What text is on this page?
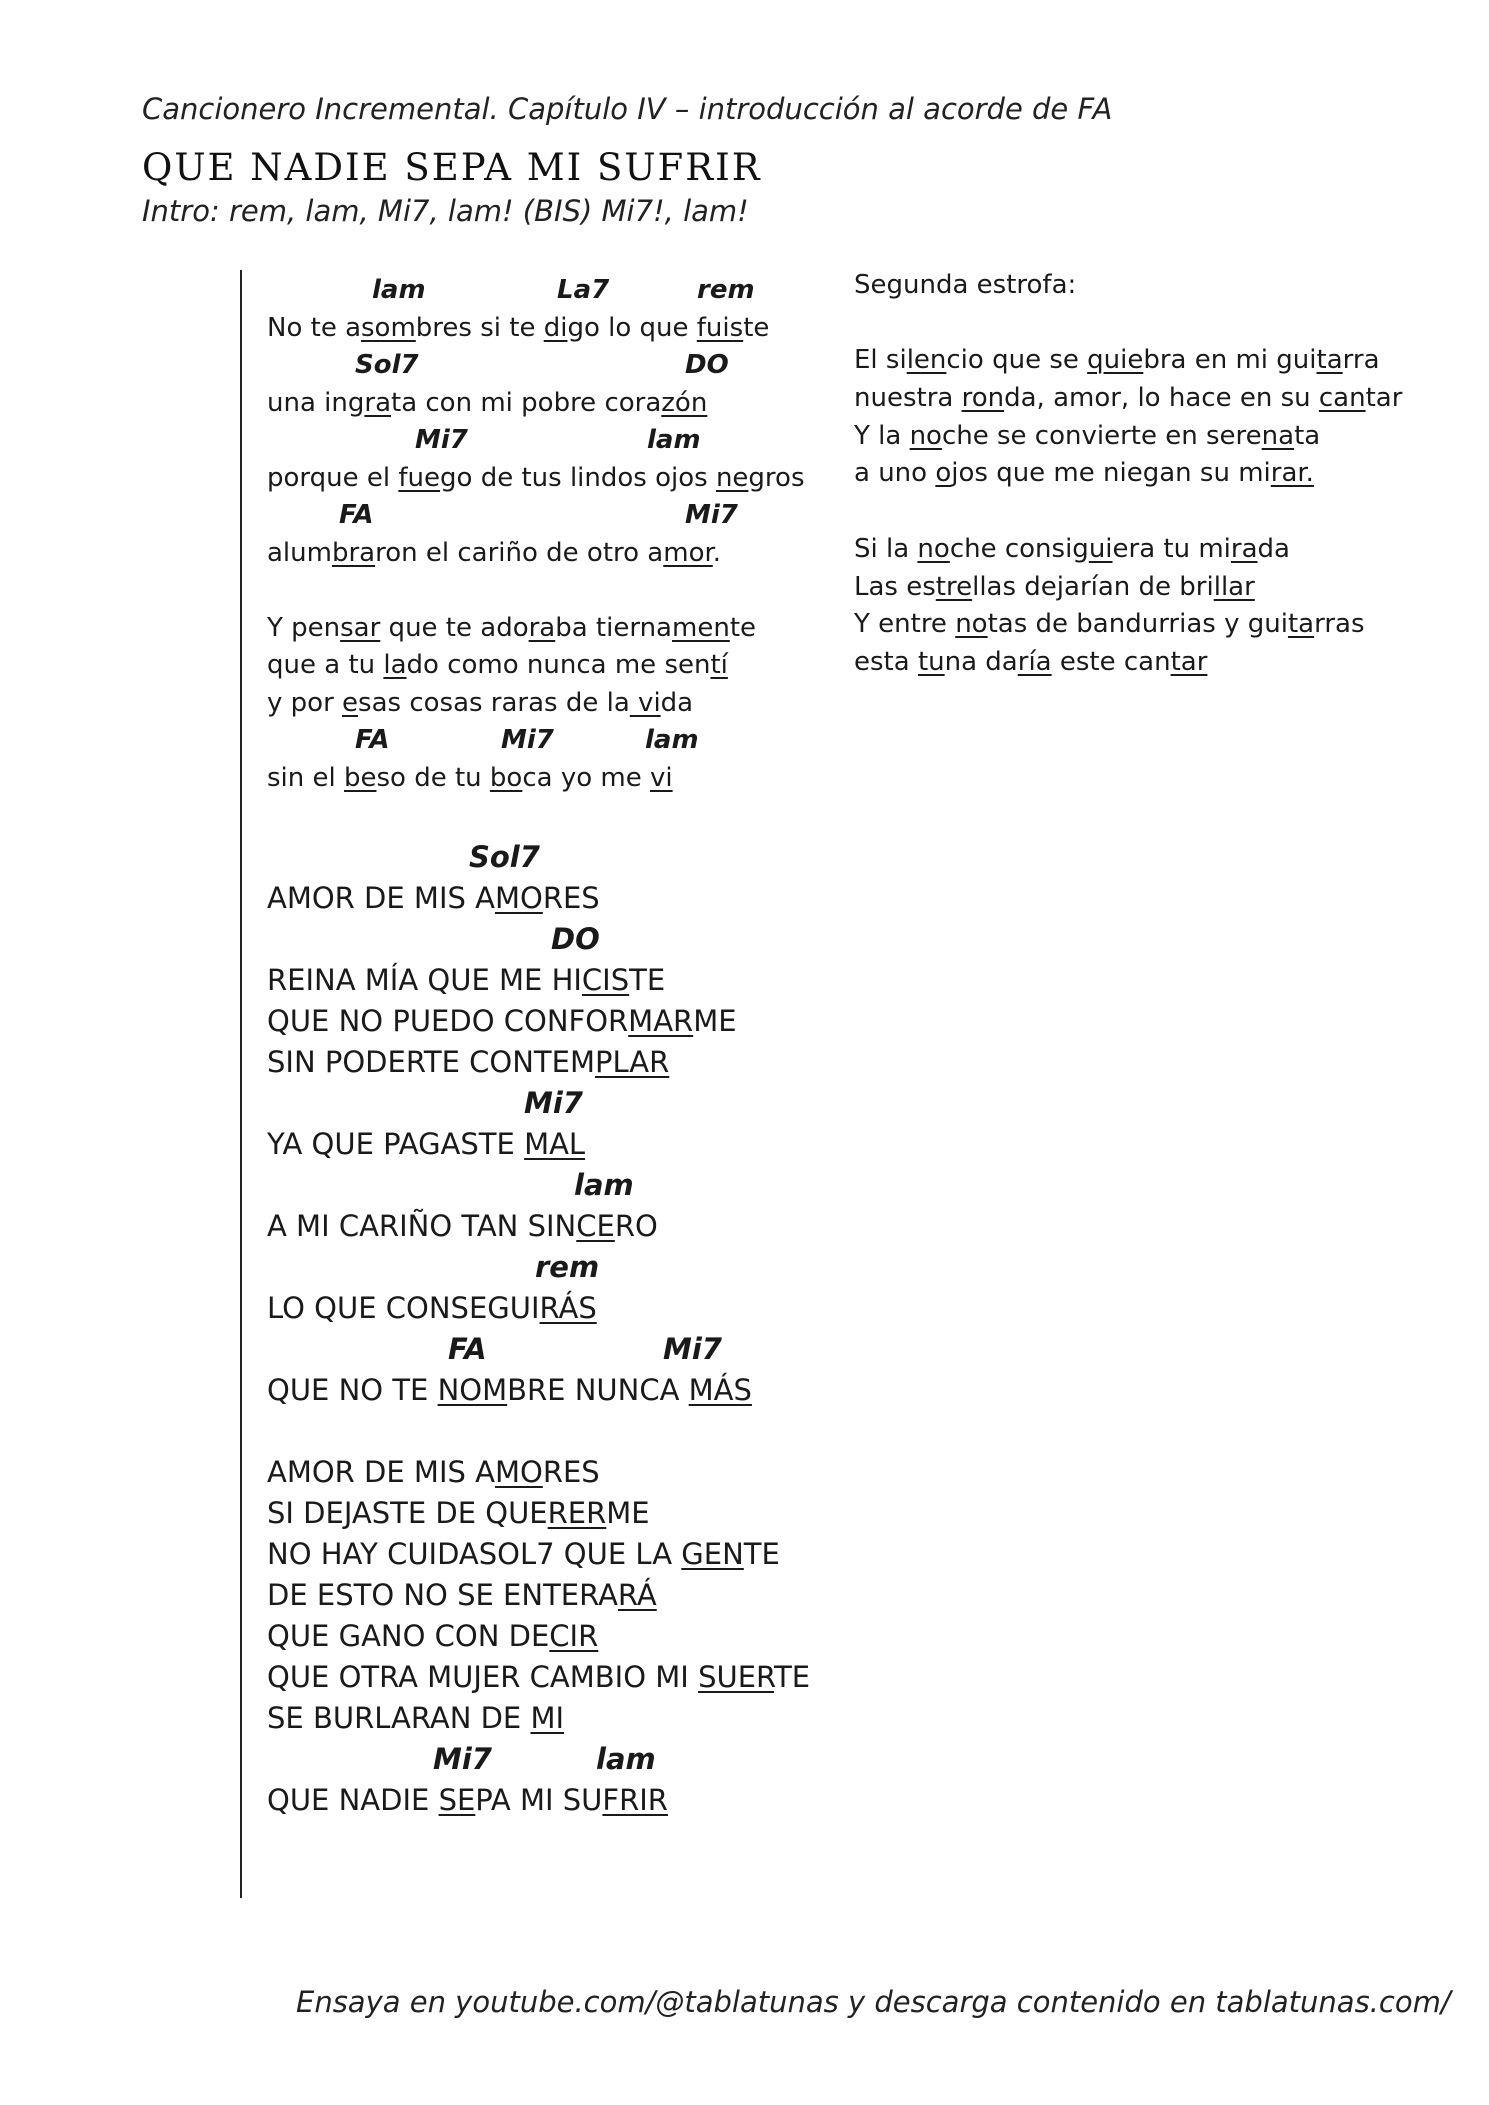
Cancionero Incremental. Capítulo IV – introducción al acorde de FA
QUE NADIE SEPA MI SUFRIR
Intro: rem, lam, Mi7, lam! (BIS) Mi7!, lam!
lam	La7	rem
No te asombres si te digo lo que fuiste
Sol7	DO
una ingrata con mi pobre corazón
Mi7	lam
porque el fuego de tus lindos ojos negros
FA	Mi7
alumbraron el cariño de otro amor.
Y pensar que te adoraba tiernamente
que a tu lado como nunca me sentí
y por esas cosas raras de la vida
FA	Mi7	lam
sin el beso de tu boca yo me vi
Sol7
AMOR DE MIS AMORES
DO
REINA MÍA QUE ME HICISTE
QUE NO PUEDO CONFORMARME
SIN PODERTE CONTEMPLAR
Mi7
YA QUE PAGASTE MAL
lam
A MI CARIÑO TAN SINCERO
rem
LO QUE CONSEGUIRÁS
FA	Mi7
QUE NO TE NOMBRE NUNCA MÁS
AMOR DE MIS AMORES
SI DEJASTE DE QUERERME
NO HAY CUIDASOL7 QUE LA GENTE
DE ESTO NO SE ENTERARÁ
QUE GANO CON DECIR
QUE OTRA MUJER CAMBIO MI SUERTE
SE BURLARAN DE MI
Mi7	lam
QUE NADIE SEPA MI SUFRIR
Segunda estrofa:
El silencio que se quiebra en mi guitarra
nuestra ronda, amor, lo hace en su cantar
Y la noche se convierte en serenata
a uno ojos que me niegan su mirar.
Si la noche consiguiera tu mirada
Las estrellas dejarían de brillar
Y entre notas de bandurrias y guitarras
esta tuna daría este cantar
Ensaya en youtube.com/@tablatunas y descarga contenido en tablatunas.com/
